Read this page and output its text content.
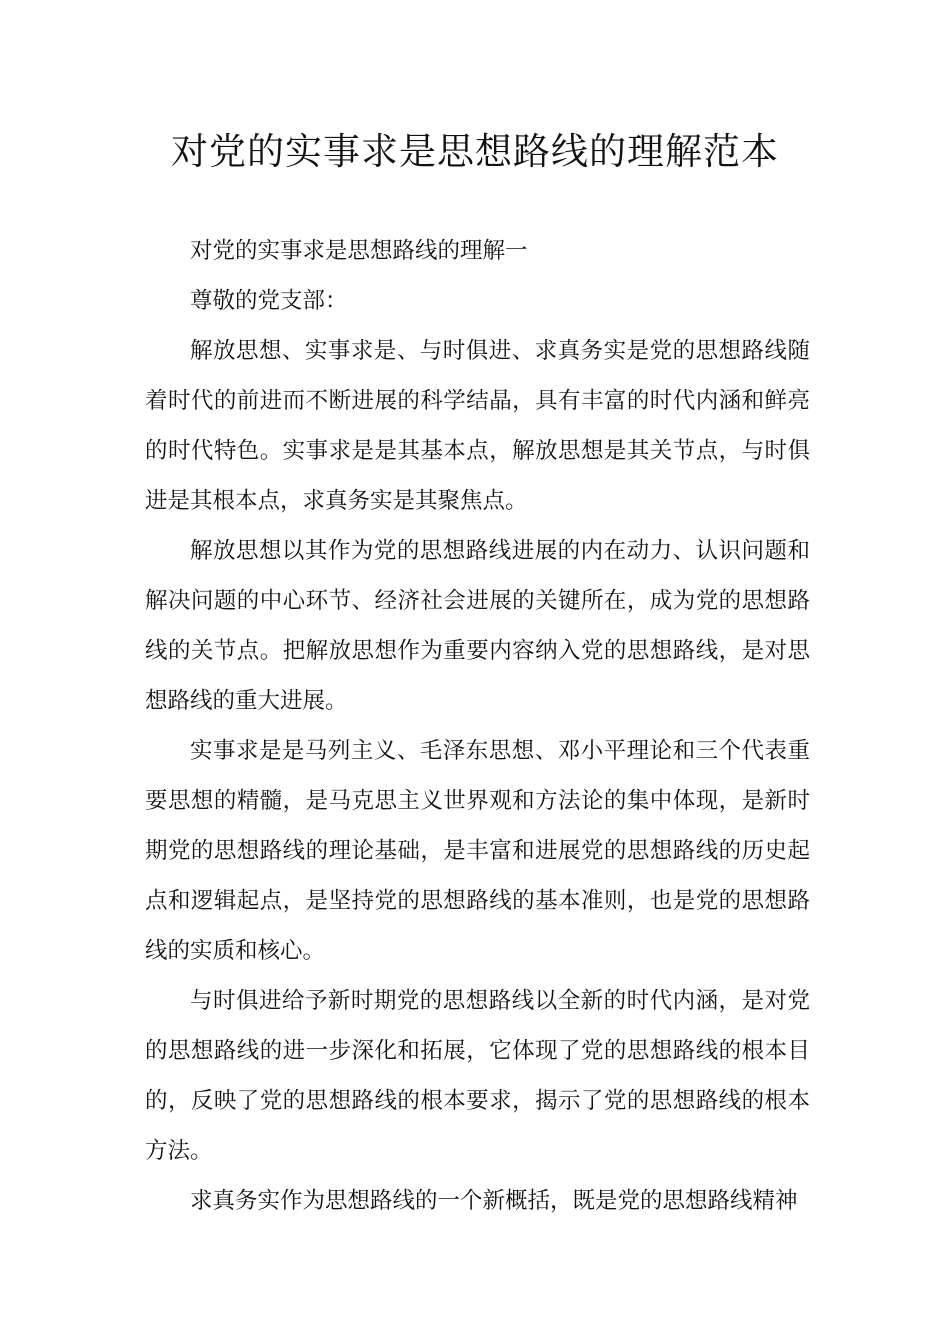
对党的实事求是思想路线的理解范本

对党的实事求是思想路线的理解一

尊敬的党支部：

解放思想、实事求是、与时俱进、求真务实是党的思想路线随着时代的前进而不断进展的科学结晶，具有丰富的时代内涵和鲜亮的时代特色。实事求是是其基本点，解放思想是其关节点，与时俱进是其根本点，求真务实是其聚焦点。

解放思想以其作为党的思想路线进展的内在动力、认识问题和解决问题的中心环节、经济社会进展的关键所在，成为党的思想路线的关节点。把解放思想作为重要内容纳入党的思想路线，是对思想路线的重大进展。

实事求是是马列主义、毛泽东思想、邓小平理论和三个代表重要思想的精髓，是马克思主义世界观和方法论的集中体现，是新时期党的思想路线的理论基础，是丰富和进展党的思想路线的历史起点和逻辑起点，是坚持党的思想路线的基本准则，也是党的思想路线的实质和核心。

与时俱进给予新时期党的思想路线以全新的时代内涵，是对党的思想路线的进一步深化和拓展，它体现了党的思想路线的根本目的，反映了党的思想路线的根本要求，揭示了党的思想路线的根本方法。

求真务实作为思想路线的一个新概括，既是党的思想路线精神
